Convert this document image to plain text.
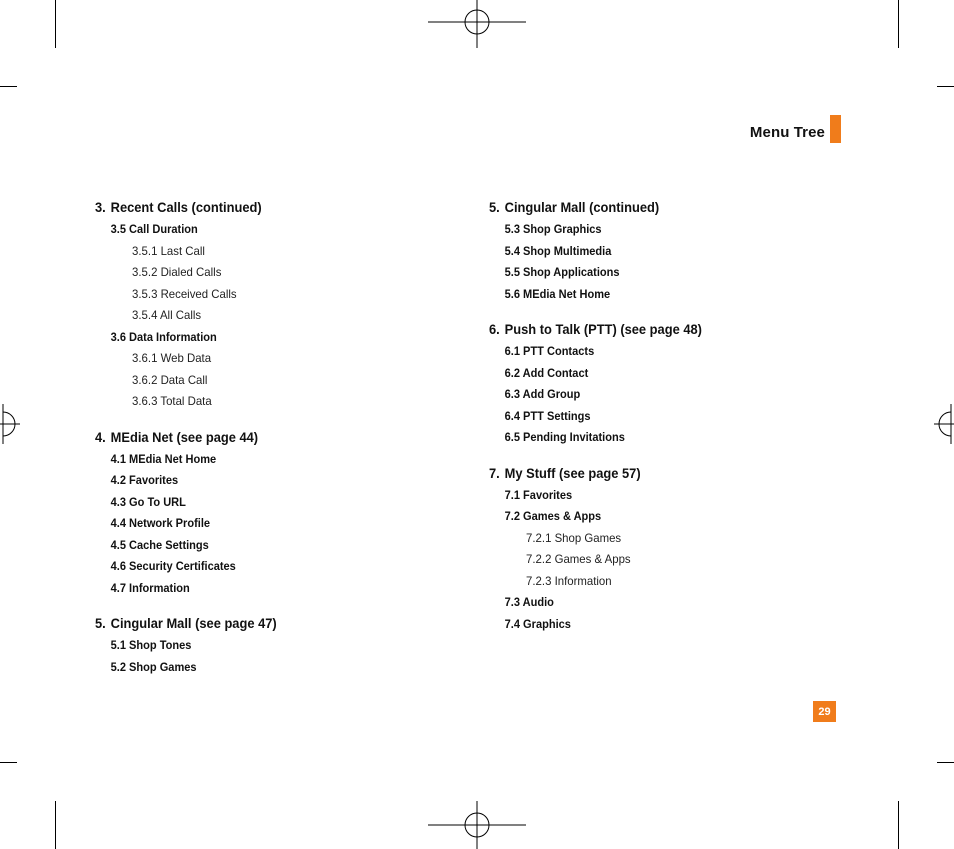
Menu Tree
3. Recent Calls (continued)
3.5 Call Duration
3.5.1 Last Call
3.5.2 Dialed Calls
3.5.3 Received Calls
3.5.4 All Calls
3.6 Data Information
3.6.1 Web Data
3.6.2 Data Call
3.6.3 Total Data
4. MEdia Net (see page 44)
4.1 MEdia Net Home
4.2 Favorites
4.3 Go To URL
4.4 Network Profile
4.5 Cache Settings
4.6 Security Certificates
4.7 Information
5. Cingular Mall (see page 47)
5.1 Shop Tones
5.2 Shop Games
5. Cingular Mall (continued)
5.3 Shop Graphics
5.4 Shop Multimedia
5.5 Shop Applications
5.6 MEdia Net Home
6. Push to Talk (PTT) (see page 48)
6.1 PTT Contacts
6.2 Add Contact
6.3 Add Group
6.4 PTT Settings
6.5 Pending Invitations
7. My Stuff (see page 57)
7.1 Favorites
7.2 Games & Apps
7.2.1 Shop Games
7.2.2 Games & Apps
7.2.3 Information
7.3 Audio
7.4 Graphics
29
